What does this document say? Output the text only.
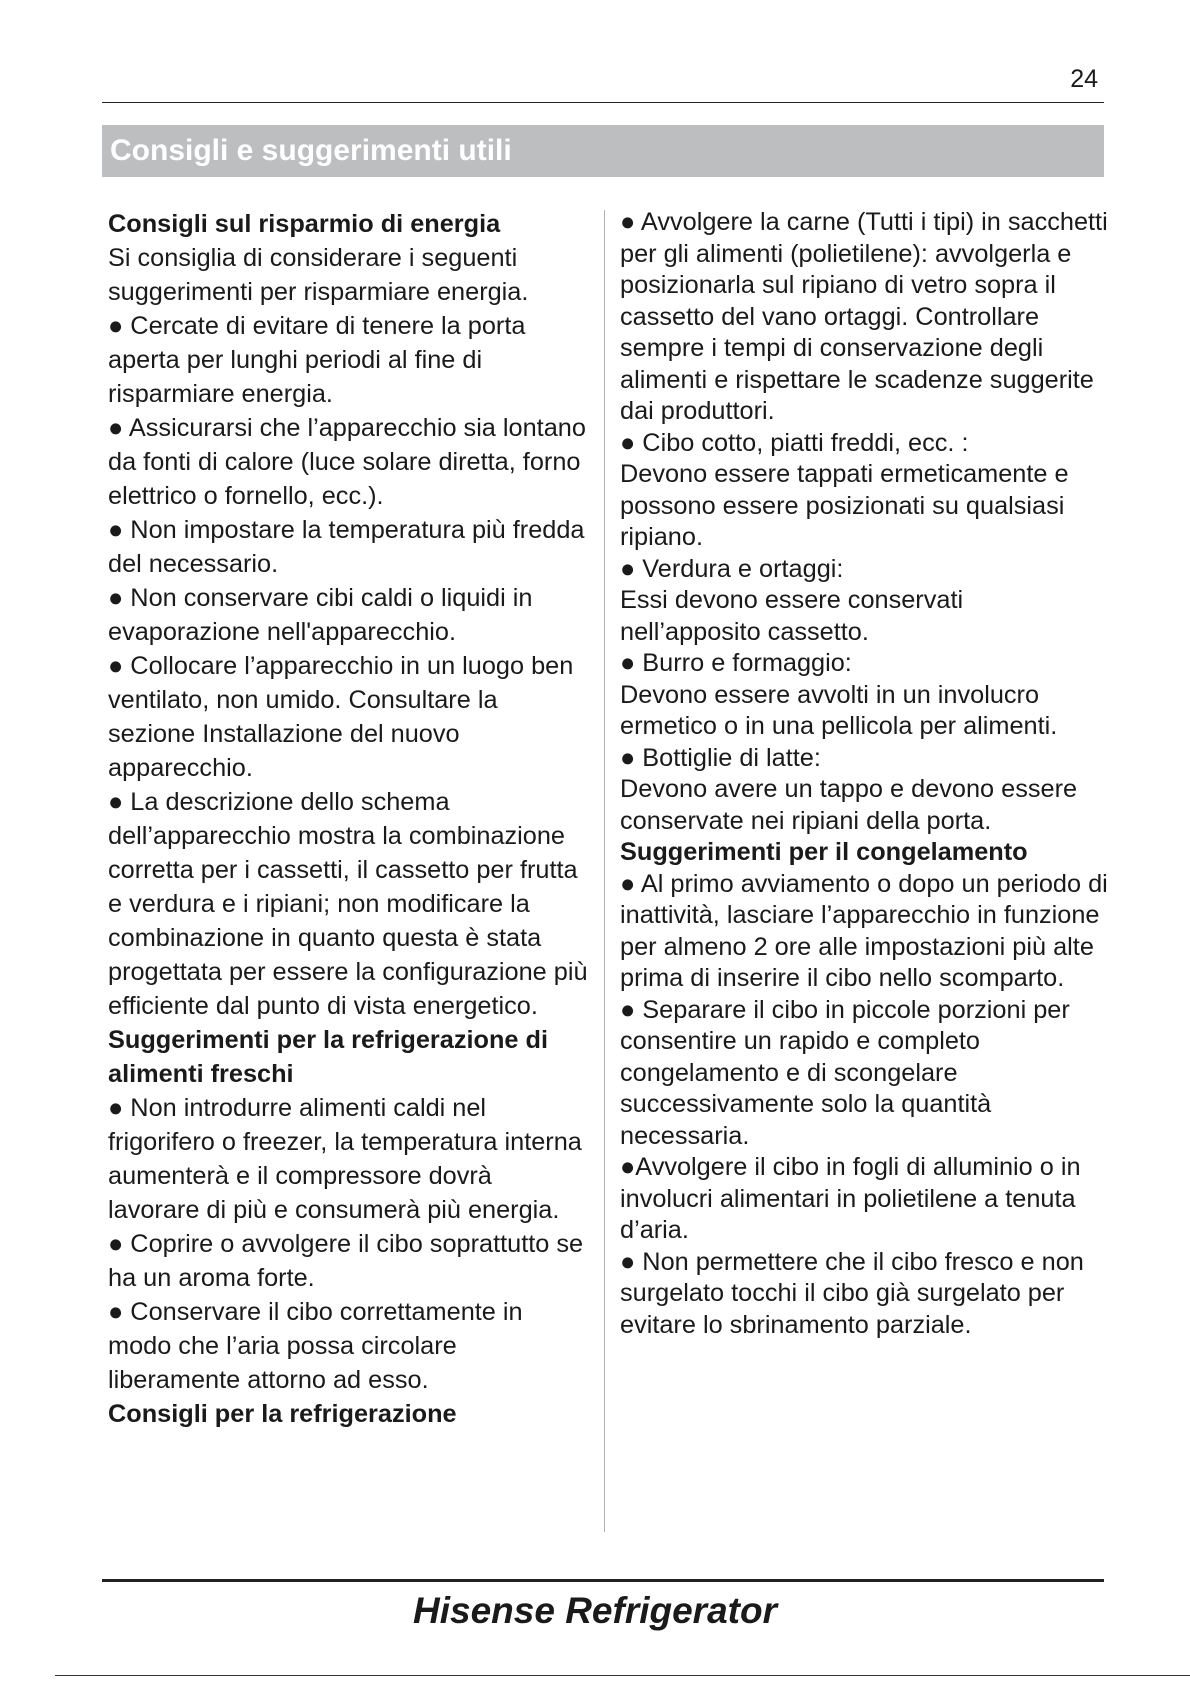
24
Consigli e suggerimenti utili

Consigli sul risparmio di energia

Si consiglia di considerare i seguenti suggerimenti per risparmiare energia.

● Cercate di evitare di tenere la porta aperta per lunghi periodi al fine di risparmiare energia.

● Assicurarsi che l’apparecchio sia lontano da fonti di calore (luce solare diretta, forno elettrico o fornello, ecc.).

● Non impostare la temperatura più fredda del necessario.

● Non conservare cibi caldi o liquidi in evaporazione nell'apparecchio.

● Collocare l’apparecchio in un luogo ben ventilato, non umido. Consultare la sezione Installazione del nuovo apparecchio.

● La descrizione dello schema dell’apparecchio mostra la combinazione corretta per i cassetti, il cassetto per frutta e verdura e i ripiani; non modificare la combinazione in quanto questa è stata progettata per essere la configurazione più efficiente dal punto di vista energetico.

Suggerimenti per la refrigerazione di alimenti freschi

● Non introdurre alimenti caldi nel frigorifero o freezer, la temperatura interna aumenterà e il compressore dovrà lavorare di più e consumerà più energia.

● Coprire o avvolgere il cibo soprattutto se ha un aroma forte.

● Conservare il cibo correttamente in modo che l’aria possa circolare liberamente attorno ad esso.

Consigli per la refrigerazione

● Avvolgere la carne (Tutti i tipi) in sacchetti per gli alimenti (polietilene): avvolgerla e posizionarla sul ripiano di vetro sopra il cassetto del vano ortaggi. Controllare sempre i tempi di conservazione degli alimenti e rispettare le scadenze suggerite dai produttori.

● Cibo cotto, piatti freddi, ecc. :

Devono essere tappati ermeticamente e possono essere posizionati su qualsiasi ripiano.

● Verdura e ortaggi:

Essi devono essere conservati nell’apposito cassetto.

● Burro e formaggio:

Devono essere avvolti in un involucro ermetico o in una pellicola per alimenti.

● Bottiglie di latte:

Devono avere un tappo e devono essere conservate nei ripiani della porta.

Suggerimenti per il congelamento

● Al primo avviamento o dopo un periodo di inattività, lasciare l’apparecchio in funzione per almeno 2 ore alle impostazioni più alte prima di inserire il cibo nello scomparto.

● Separare il cibo in piccole porzioni per consentire un rapido e completo congelamento e di scongelare successivamente solo la quantità necessaria.

●Avvolgere il cibo in fogli di alluminio o in involucri alimentari in polietilene a tenuta d’aria.

● Non permettere che il cibo fresco e non surgelato tocchi il cibo già surgelato per evitare lo sbrinamento parziale.

Hisense Refrigerator
